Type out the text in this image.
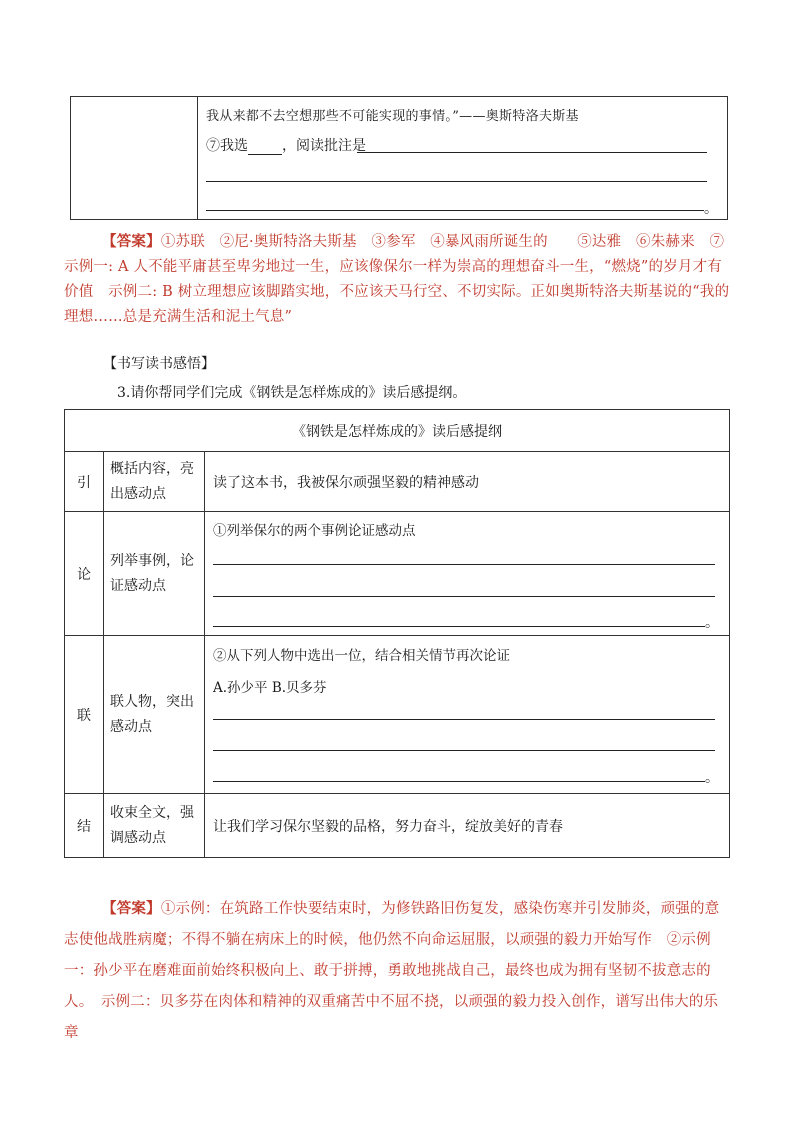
我从来都不去空想那些不可能实现的事情。”——奥斯特洛夫斯基
⑦我选 ，阅读批注是
。
【答案】①苏联　②尼·奥斯特洛夫斯基　③参军　④暴风雨所诞生的　　⑤达雅　⑥朱赫来　⑦示例一: A 人不能平庸甚至卑劣地过一生，应该像保尔一样为崇高的理想奋斗一生，“燃烧”的岁月才有价值　示例二: B 树立理想应该脚踏实地，不应该天马行空、不切实际。正如奥斯特洛夫斯基说的“我的理想……总是充满生活和泥土气息”
【书写读书感悟】
3.请你帮同学们完成《钢铁是怎样炼成的》读后感提纲。
《钢铁是怎样炼成的》读后感提纲		
引	概括内容，亮出感动点	读了这本书，我被保尔顽强坚毅的精神感动
论	列举事例，论证感动点	①列举保尔的两个事例论证感动点
。

联	联人物，突出感动点	②从下列人物中选出一位，结合相关情节再次论证
A.孙少平 B.贝多芬
。

结	收束全文，强调感动点	让我们学习保尔坚毅的品格，努力奋斗，绽放美好的青春
【答案】①示例：在筑路工作快要结束时，为修铁路旧伤复发，感染伤寒并引发肺炎，顽强的意志使他战胜病魔；不得不躺在病床上的时候，他仍然不向命运屈服，以顽强的毅力开始写作　②示例一：孙少平在磨难面前始终积极向上、敢于拼搏，勇敢地挑战自己，最终也成为拥有坚韧不拔意志的人。　示例二：贝多芬在肉体和精神的双重痛苦中不屈不挠，以顽强的毅力投入创作，谱写出伟大的乐章
